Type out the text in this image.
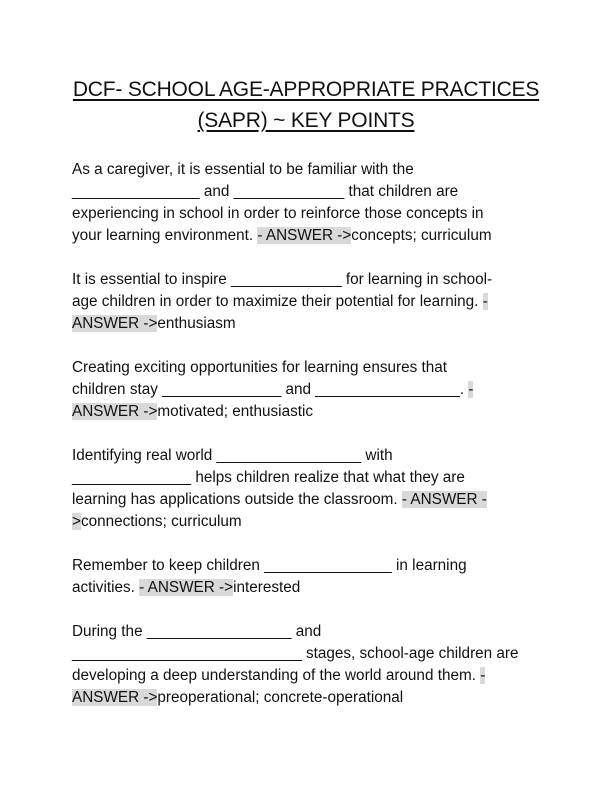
DCF- SCHOOL AGE-APPROPRIATE PRACTICES
(SAPR) ~ KEY POINTS
As a caregiver, it is essential to be familiar with the
_______________ and _____________ that children are
experiencing in school in order to reinforce those concepts in
your learning environment. - ANSWER ->concepts; curriculum
It is essential to inspire _____________ for learning in school-
age children in order to maximize their potential for learning. -
ANSWER ->enthusiasm
Creating exciting opportunities for learning ensures that
children stay ______________ and _________________. -
ANSWER ->motivated; enthusiastic
Identifying real world _________________ with
______________ helps children realize that what they are
learning has applications outside the classroom. - ANSWER -
>connections; curriculum
Remember to keep children _______________ in learning
activities. - ANSWER ->interested
During the _________________ and
___________________________ stages, school-age children are
developing a deep understanding of the world around them. -
ANSWER ->preoperational; concrete-operational
